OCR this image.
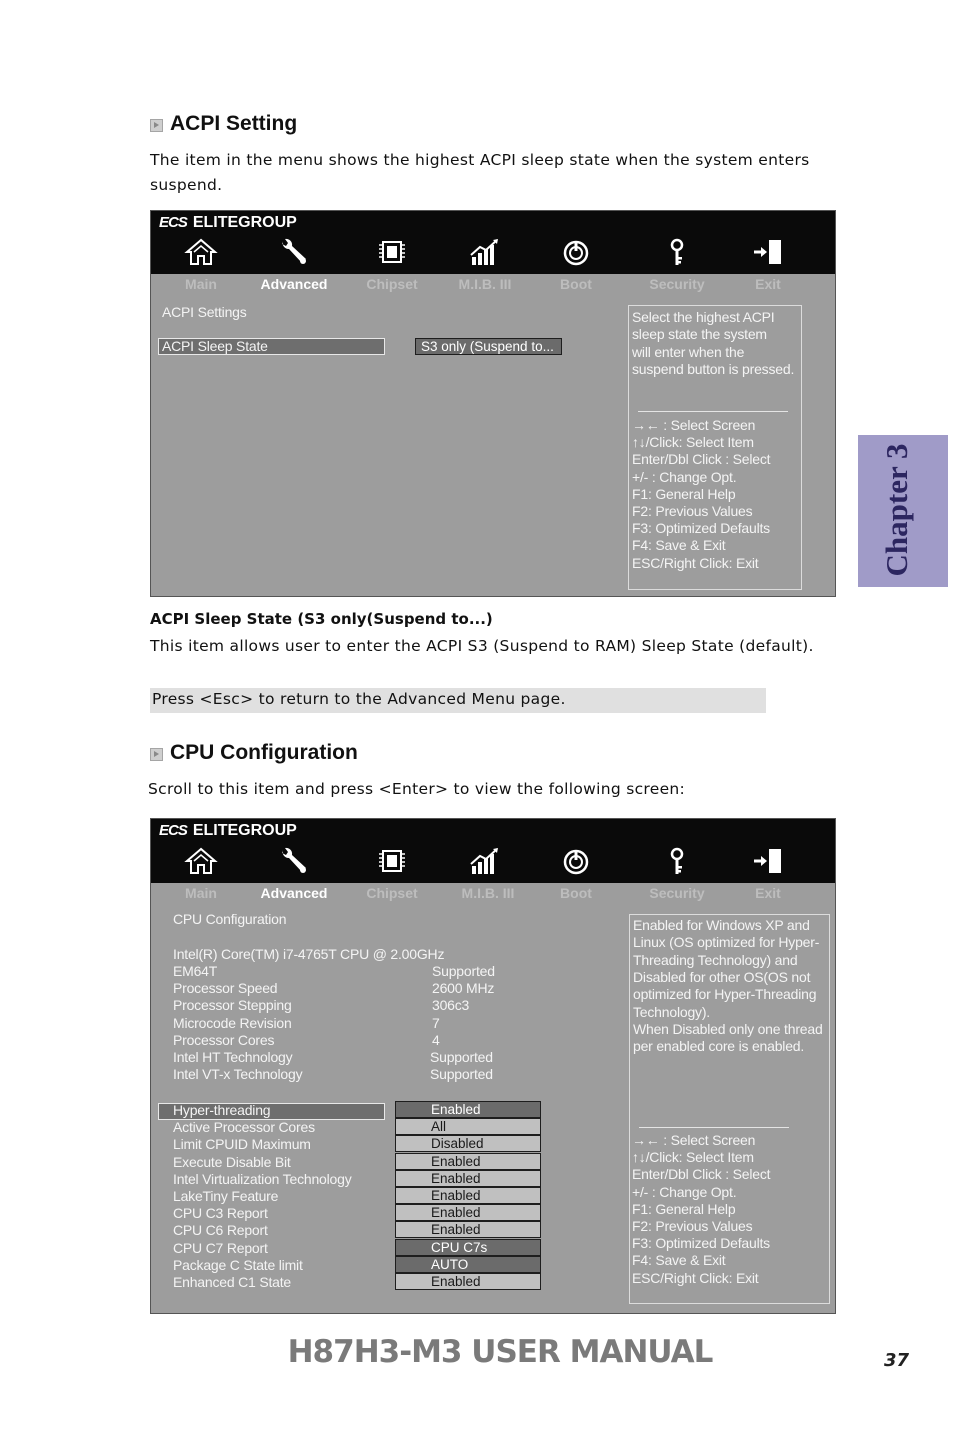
ACPI Setting
The item in the menu shows the highest ACPI sleep state when the system enters
suspend.
ECS ELITEGROUP
Main	Advanced	Chipset	M.I.B. III	Boot	Security	Exit
ACPI Settings
ACPI Sleep State	S3 only (Suspend to...
Select the highest ACPI
sleep state the system
will enter when the
suspend button is pressed.
→← : Select Screen
↑↓/Click: Select Item
Enter/Dbl Click : Select
+/- : Change Opt.
F1: General Help
F2: Previous Values
F3: Optimized Defaults
F4: Save & Exit
ESC/Right Click: Exit
ACPI Sleep State (S3 only(Suspend to...)
This item allows user to enter the ACPI S3 (Suspend to RAM) Sleep State (default).
Press <Esc> to return to the Advanced Menu page.
CPU Configuration
Scroll to this item and press <Enter> to view the following screen:
ECS ELITEGROUP
Main	Advanced	Chipset	M.I.B. III	Boot	Security	Exit
CPU Configuration
Intel(R) Core(TM) i7-4765T CPU @ 2.00GHz
EM64T	Supported
Processor Speed	2600 MHz
Processor Stepping	306c3
Microcode Revision	7
Processor Cores	4
Intel HT Technology	Supported
Intel VT-x Technology	Supported
Hyper-threading	Enabled
Active Processor Cores	All
Limit CPUID Maximum	Disabled
Execute Disable Bit	Enabled
Intel Virtualization Technology	Enabled
LakeTiny Feature	Enabled
CPU C3 Report	Enabled
CPU C6 Report	Enabled
CPU C7 Report	CPU C7s
Package C State limit	AUTO
Enhanced C1 State	Enabled
Enabled for Windows XP and
Linux (OS optimized for Hyper-
Threading Technology) and
Disabled for other OS(OS not
optimized for Hyper-Threading
Technology).
When Disabled only one thread
per enabled core is enabled.
→← : Select Screen
↑↓/Click: Select Item
Enter/Dbl Click : Select
+/- : Change Opt.
F1: General Help
F2: Previous Values
F3: Optimized Defaults
F4: Save & Exit
ESC/Right Click: Exit
Chapter 3
H87H3-M3 USER MANUAL	37
